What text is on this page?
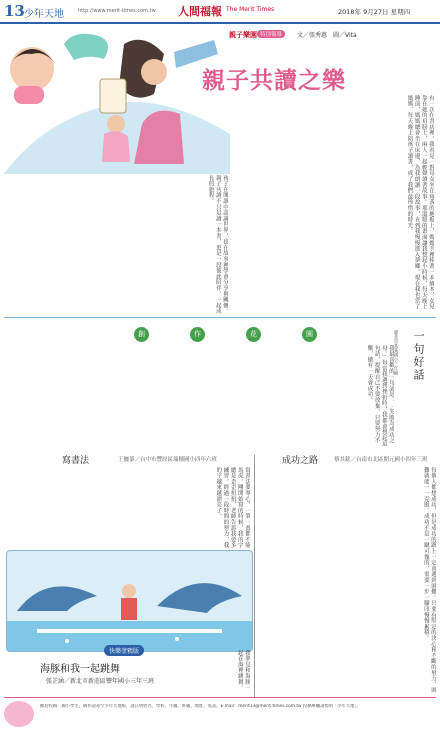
13 少年天地	http://www.merit-times.com.tw 人間福報 The Merit Times	2018年 9月27日 星期四
親子樂園 特別報導	文／張秀惠　圖／Vita
親子共讀之樂
有一次在書店裡，我看見一對母女坐在角落的地板上，媽媽手裡捧著一本繪本，女兒靠在她的肩膀上，兩人一起輕聲讀著故事。那溫暖的畫面讓我想起小時候，每天晚上睡前，媽媽總會坐在床邊，為我朗讀一段故事，直到我慢慢進入夢鄉。現在我也當了媽媽，每天晚上陪孩子讀書，成了我們最珍惜的時光。
孩子在閱讀中認識世界，也在故事裡學會分享與關懷。親子共讀不只是讀一本書，更是一段彼此陪伴、一起成長的旅程。
創	作	花	園
我最喜歡的一句話是：「失敗為成功之母。」每當我遇到挫折時，我都會想起這句話，提醒自己不要放棄。只要努力不懈，總有一天會成功。	一句好話
臺北市某某國小三年級
寫書法	王儷蓁／台中市豐原區瑞穗國小四年六班	成功之路	蔡其鋐／台南市北區開元國小四年三班
寫書法要專心，一筆一畫都不能馬虎。剛開始寫的時候，我的字總是歪歪扭扭，老師告訴我要多練習。經過一段時間的努力，我的字越來越漂亮了。	每個人都想成功，但是成功的路上一定會遇到困難。只要有堅定的決心和不斷的努力，困難就能一一克服。成功不是一蹴可幾的，需要一步一腳印慢慢累積。
快樂塗鴉版
海豚和我一起跳舞
張芷涵／新北市新莊區豐年國小三年三班	我夢見和海豚一起在海裡跳舞。
歡迎投稿：國小學生，稿件請寄至少年天地版，請註明姓名、學校、年級、班級、地址、電話。E-mail：merit13@merit-times.com.tw 投稿專欄請標明「少年天地」。
